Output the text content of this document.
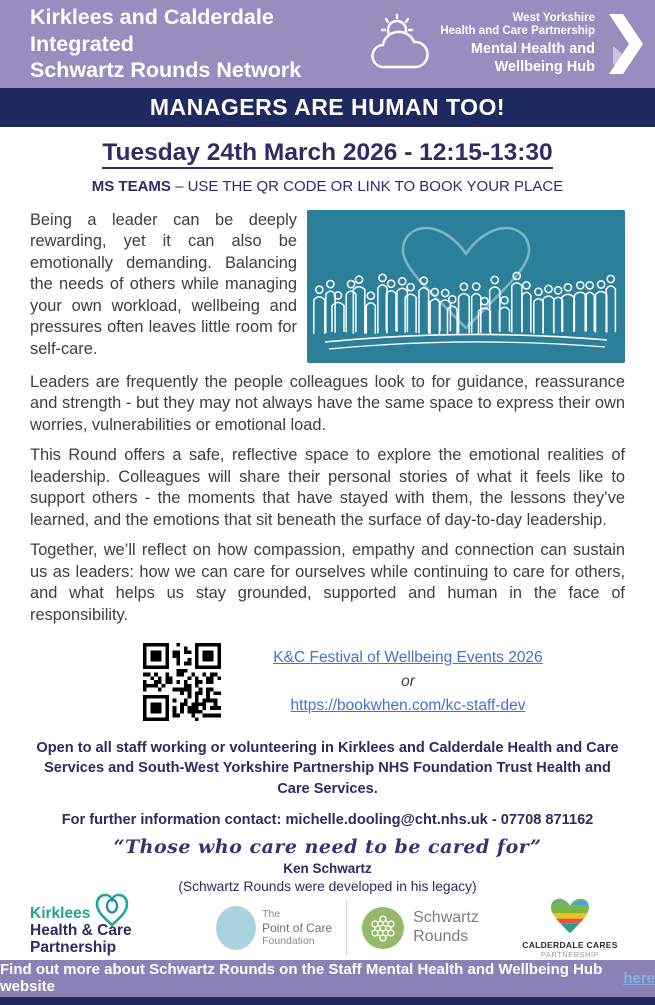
Kirklees and Calderdale Integrated
Schwartz Rounds Network
West Yorkshire
Health and Care Partnership
Mental Health and
Wellbeing Hub
MANAGERS ARE HUMAN TOO!
Tuesday 24th March 2026 - 12:15-13:30
MS TEAMS – USE THE QR CODE OR LINK TO BOOK YOUR PLACE
Being a leader can be deeply rewarding, yet it can also be emotionally demanding. Balancing the needs of others while managing your own workload, wellbeing and pressures often leaves little room for self-care.
Leaders are frequently the people colleagues look to for guidance, reassurance and strength - but they may not always have the same space to express their own worries, vulnerabilities or emotional load.
This Round offers a safe, reflective space to explore the emotional realities of leadership. Colleagues will share their personal stories of what it feels like to support others - the moments that have stayed with them, the lessons they’ve learned, and the emotions that sit beneath the surface of day-to-day leadership.
Together, we’ll reflect on how compassion, empathy and connection can sustain us as leaders: how we can care for ourselves while continuing to care for others, and what helps us stay grounded, supported and human in the face of responsibility.
K&C Festival of Wellbeing Events 2026
or
https://bookwhen.com/kc-staff-dev
Open to all staff working or volunteering in Kirklees and Calderdale Health and Care Services and South-West Yorkshire Partnership NHS Foundation Trust Health and Care Services.
For further information contact: michelle.dooling@cht.nhs.uk - 07708 871162
“Those who care need to be cared for”
Ken Schwartz
(Schwartz Rounds were developed in his legacy)
Kirklees
Health & Care
Partnership
The
Point of Care
Foundation
Schwartz
Rounds	CALDERDALE CARES
PARTNERSHIP
Find out more about Schwartz Rounds on the Staff Mental Health and Wellbeing Hub website	here
